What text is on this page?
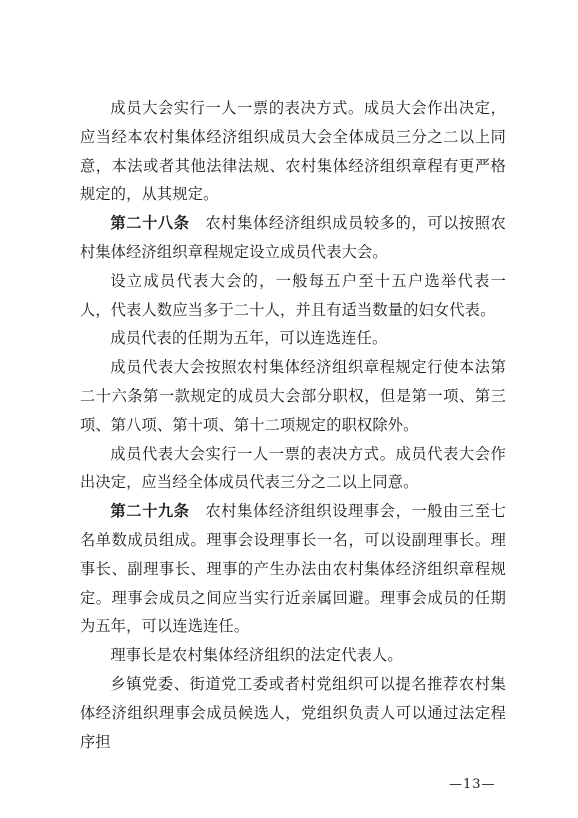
成员大会实行一人一票的表决方式。成员大会作出决定，应当经本农村集体经济组织成员大会全体成员三分之二以上同意，本法或者其他法律法规、农村集体经济组织章程有更严格规定的，从其规定。

第二十八条　农村集体经济组织成员较多的，可以按照农村集体经济组织章程规定设立成员代表大会。

设立成员代表大会的，一般每五户至十五户选举代表一人，代表人数应当多于二十人，并且有适当数量的妇女代表。

成员代表的任期为五年，可以连选连任。

成员代表大会按照农村集体经济组织章程规定行使本法第二十六条第一款规定的成员大会部分职权，但是第一项、第三项、第八项、第十项、第十二项规定的职权除外。

成员代表大会实行一人一票的表决方式。成员代表大会作出决定，应当经全体成员代表三分之二以上同意。

第二十九条　农村集体经济组织设理事会，一般由三至七名单数成员组成。理事会设理事长一名，可以设副理事长。理事长、副理事长、理事的产生办法由农村集体经济组织章程规定。理事会成员之间应当实行近亲属回避。理事会成员的任期为五年，可以连选连任。

理事长是农村集体经济组织的法定代表人。

乡镇党委、街道党工委或者村党组织可以提名推荐农村集体经济组织理事会成员候选人，党组织负责人可以通过法定程序担

—13—
